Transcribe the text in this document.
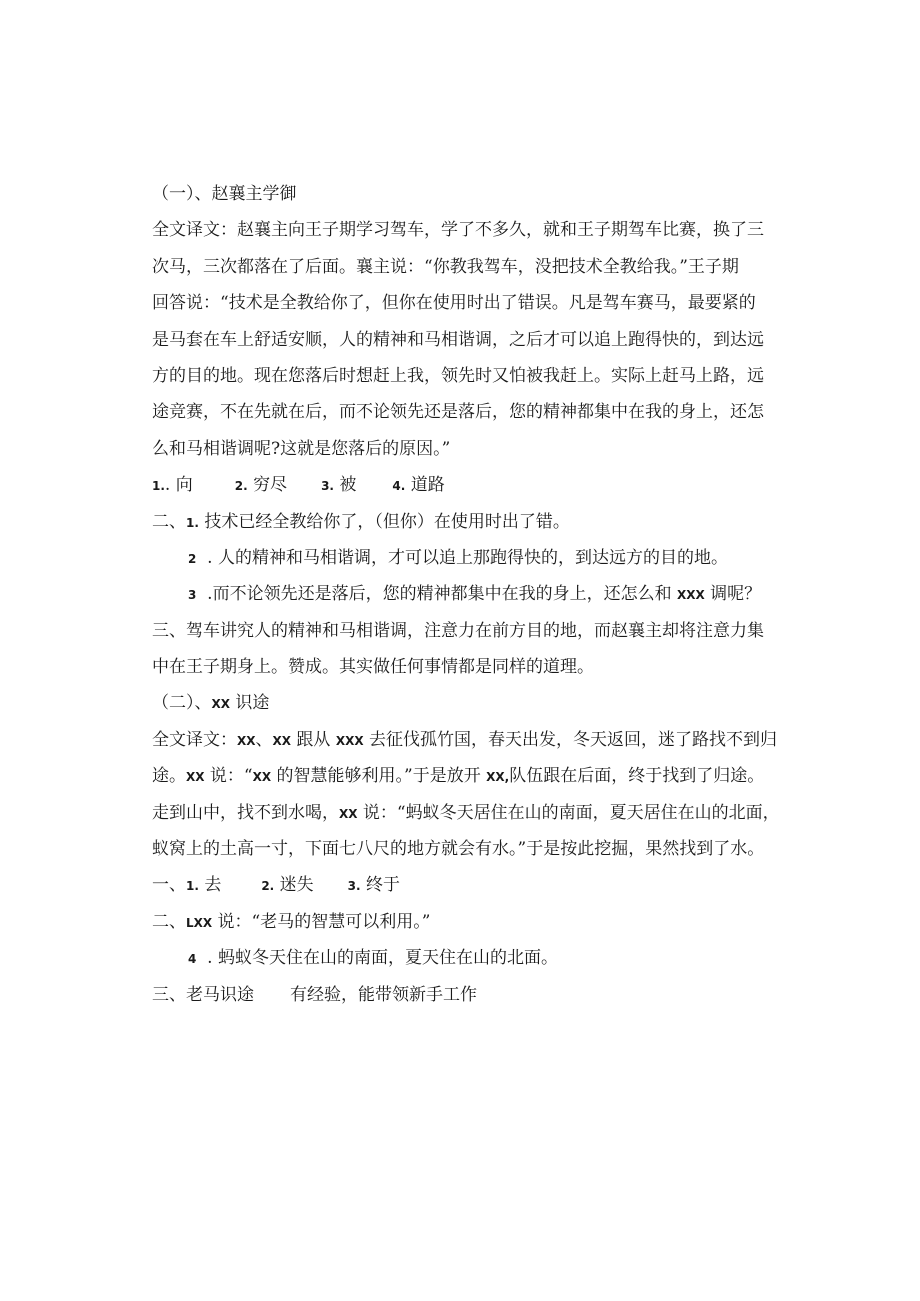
（一）、赵襄主学御
全文译文：赵襄主向王子期学习驾车，学了不多久，就和王子期驾车比赛，换了三
次马，三次都落在了后面。襄主说：“你教我驾车，没把技术全教给我。”王子期
回答说：“技术是全教给你了，但你在使用时出了错误。凡是驾车赛马，最要紧的
是马套在车上舒适安顺，人的精神和马相谐调，之后才可以追上跑得快的，到达远
方的目的地。现在您落后时想赶上我，领先时又怕被我赶上。实际上赶马上路，远
途竞赛，不在先就在后，而不论领先还是落后，您的精神都集中在我的身上，还怎
么和马相谐调呢?这就是您落后的原因。”
1.. 向	2. 穷尽	3. 被	4. 道路
二、1. 技术已经全教给你了，（但你）在使用时出了错。
2 . 人的精神和马相谐调，才可以追上那跑得快的，到达远方的目的地。
3 .而不论领先还是落后，您的精神都集中在我的身上，还怎么和 XXX 调呢？
三、驾车讲究人的精神和马相谐调，注意力在前方目的地，而赵襄主却将注意力集
中在王子期身上。赞成。其实做任何事情都是同样的道理。
（二）、XX 识途
全文译文：XX、XX 跟从 XXX 去征伐孤竹国，春天出发，冬天返回，迷了路找不到归
途。XX 说：“XX 的智慧能够利用。”于是放开 XX,队伍跟在后面，终于找到了归途。
走到山中，找不到水喝，XX 说：“蚂蚁冬天居住在山的南面，夏天居住在山的北面，
蚁窝上的土高一寸，下面七八尺的地方就会有水。”于是按此挖掘，果然找到了水。
一、1. 去	2. 迷失	3. 终于
二、LXX 说：“老马的智慧可以利用。”
4 . 蚂蚁冬天住在山的南面，夏天住在山的北面。
三、老马识途 有经验，能带领新手工作
